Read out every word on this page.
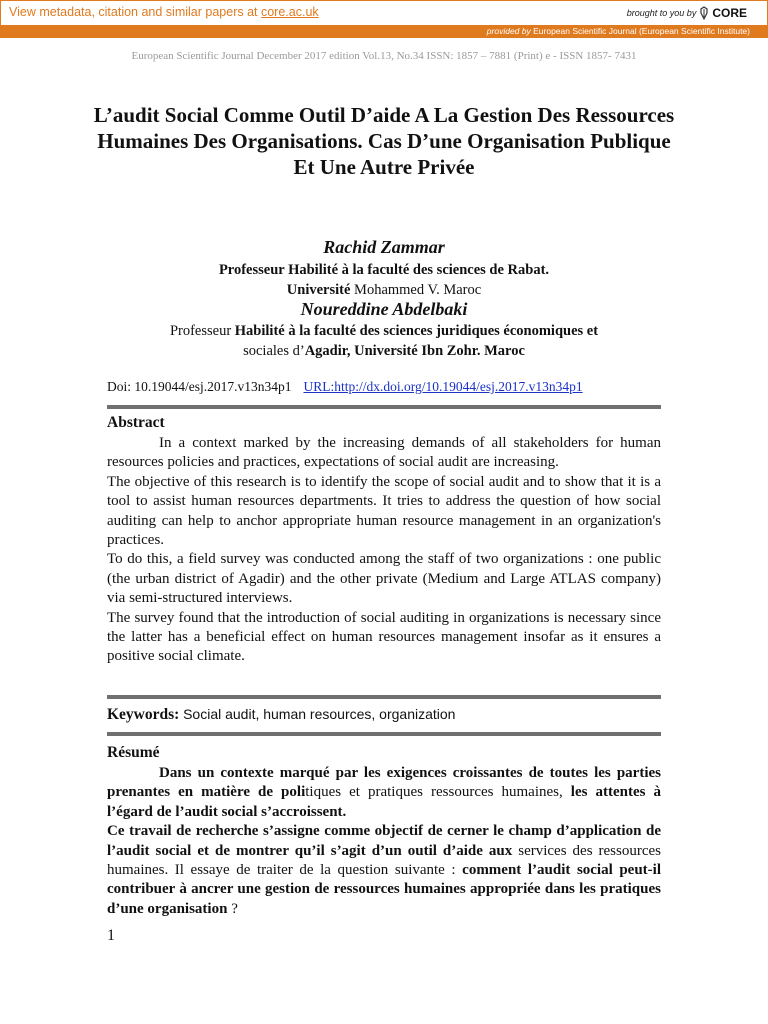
View metadata, citation and similar papers at core.ac.uk	brought to you by CORE
provided by European Scientific Journal (European Scientific Institute)
European Scientific Journal December 2017 edition Vol.13, No.34 ISSN: 1857 – 7881 (Print) e - ISSN 1857- 7431
L’audit Social Comme Outil D’aide A La Gestion Des Ressources Humaines Des Organisations. Cas D’une Organisation Publique Et Une Autre Privée
Rachid Zammar
Professeur Habilité à la faculté des sciences de Rabat.
Université Mohammed V. Maroc
Noureddine Abdelbaki
Professeur Habilité à la faculté des sciences juridiques économiques et
sociales d’Agadir, Université Ibn Zohr. Maroc
Doi: 10.19044/esj.2017.v13n34p1 URL:http://dx.doi.org/10.19044/esj.2017.v13n34p1
Abstract

In a context marked by the increasing demands of all stakeholders for human resources policies and practices, expectations of social audit are increasing.

The objective of this research is to identify the scope of social audit and to show that it is a tool to assist human resources departments. It tries to address the question of how social auditing can help to anchor appropriate human resource management in an organization's practices.

To do this, a field survey was conducted among the staff of two organizations : one public (the urban district of Agadir) and the other private (Medium and Large ATLAS company) via semi-structured interviews.

The survey found that the introduction of social auditing in organizations is necessary since the latter has a beneficial effect on human resources management insofar as it ensures a positive social climate.

Keywords: Social audit, human resources, organization
Résumé

Dans un contexte marqué par les exigences croissantes de toutes les parties prenantes en matière de politiques et pratiques ressources humaines, les attentes à l’égard de l’audit social s’accroissent.

Ce travail de recherche s’assigne comme objectif de cerner le champ d’application de l’audit social et de montrer qu’il s’agit d’un outil d’aide aux services des ressources humaines. Il essaye de traiter de la question suivante : comment l’audit social peut-il contribuer à ancrer une gestion de ressources humaines appropriée dans les pratiques d’une organisation ?

1
